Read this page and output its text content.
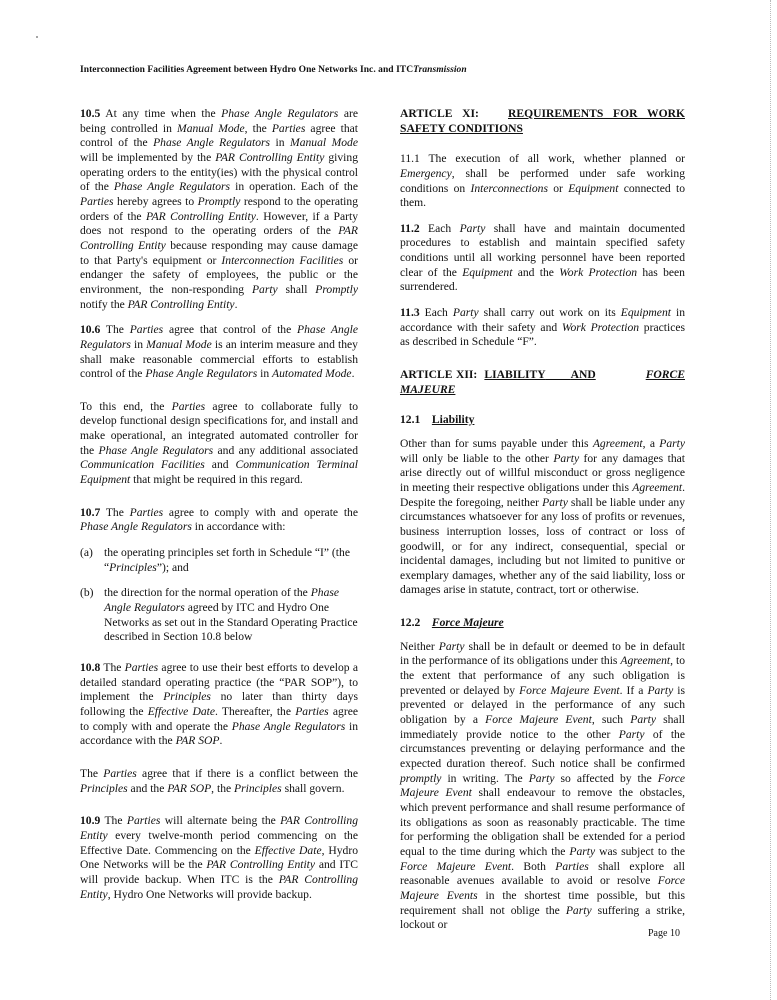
Interconnection Facilities Agreement between Hydro One Networks Inc. and ITCTransmission

10.5 At any time when the Phase Angle Regulators are being controlled in Manual Mode, the Parties agree that control of the Phase Angle Regulators in Manual Mode will be implemented by the PAR Controlling Entity giving operating orders to the entity(ies) with the physical control of the Phase Angle Regulators in operation. Each of the Parties hereby agrees to Promptly respond to the operating orders of the PAR Controlling Entity. However, if a Party does not respond to the operating orders of the PAR Controlling Entity because responding may cause damage to that Party's equipment or Interconnection Facilities or endanger the safety of employees, the public or the environment, the non-responding Party shall Promptly notify the PAR Controlling Entity.

10.6 The Parties agree that control of the Phase Angle Regulators in Manual Mode is an interim measure and they shall make reasonable commercial efforts to establish control of the Phase Angle Regulators in Automated Mode.

To this end, the Parties agree to collaborate fully to develop functional design specifications for, and install and make operational, an integrated automated controller for the Phase Angle Regulators and any additional associated Communication Facilities and Communication Terminal Equipment that might be required in this regard.

10.7 The Parties agree to comply with and operate the Phase Angle Regulators in accordance with:

(a) the operating principles set forth in Schedule “I” (the “Principles”); and
(b) the direction for the normal operation of the Phase Angle Regulators agreed by ITC and Hydro One Networks as set out in the Standard Operating Practice described in Section 10.8 below

10.8 The Parties agree to use their best efforts to develop a detailed standard operating practice (the “PAR SOP”), to implement the Principles no later than thirty days following the Effective Date. Thereafter, the Parties agree to comply with and operate the Phase Angle Regulators in accordance with the PAR SOP.

The Parties agree that if there is a conflict between the Principles and the PAR SOP, the Principles shall govern.

10.9 The Parties will alternate being the PAR Controlling Entity every twelve-month period commencing on the Effective Date. Commencing on the Effective Date, Hydro One Networks will be the PAR Controlling Entity and ITC will provide backup. When ITC is the PAR Controlling Entity, Hydro One Networks will provide backup.

ARTICLE XI:	REQUIREMENTS FOR WORK SAFETY CONDITIONS

11.1 The execution of all work, whether planned or Emergency, shall be performed under safe working conditions on Interconnections or Equipment connected to them.

11.2 Each Party shall have and maintain documented procedures to establish and maintain specified safety conditions until all working personnel have been reported clear of the Equipment and the Work Protection has been surrendered.

11.3 Each Party shall carry out work on its Equipment in accordance with their safety and Work Protection practices as described in Schedule “F”.

ARTICLE XII: LIABILITY AND	FORCE MAJEURE
12.1 Liability

Other than for sums payable under this Agreement, a Party will only be liable to the other Party for any damages that arise directly out of willful misconduct or gross negligence in meeting their respective obligations under this Agreement. Despite the foregoing, neither Party shall be liable under any circumstances whatsoever for any loss of profits or revenues, business interruption losses, loss of contract or loss of goodwill, or for any indirect, consequential, special or incidental damages, including but not limited to punitive or exemplary damages, whether any of the said liability, loss or damages arise in statute, contract, tort or otherwise.

12.2 Force Majeure

Neither Party shall be in default or deemed to be in default in the performance of its obligations under this Agreement, to the extent that performance of any such obligation is prevented or delayed by Force Majeure Event. If a Party is prevented or delayed in the performance of any such obligation by a Force Majeure Event, such Party shall immediately provide notice to the other Party of the circumstances preventing or delaying performance and the expected duration thereof. Such notice shall be confirmed promptly in writing. The Party so affected by the Force Majeure Event shall endeavour to remove the obstacles, which prevent performance and shall resume performance of its obligations as soon as reasonably practicable. The time for performing the obligation shall be extended for a period equal to the time during which the Party was subject to the Force Majeure Event. Both Parties shall explore all reasonable avenues available to avoid or resolve Force Majeure Events in the shortest time possible, but this requirement shall not oblige the Party suffering a strike, lockout or

Page 10
